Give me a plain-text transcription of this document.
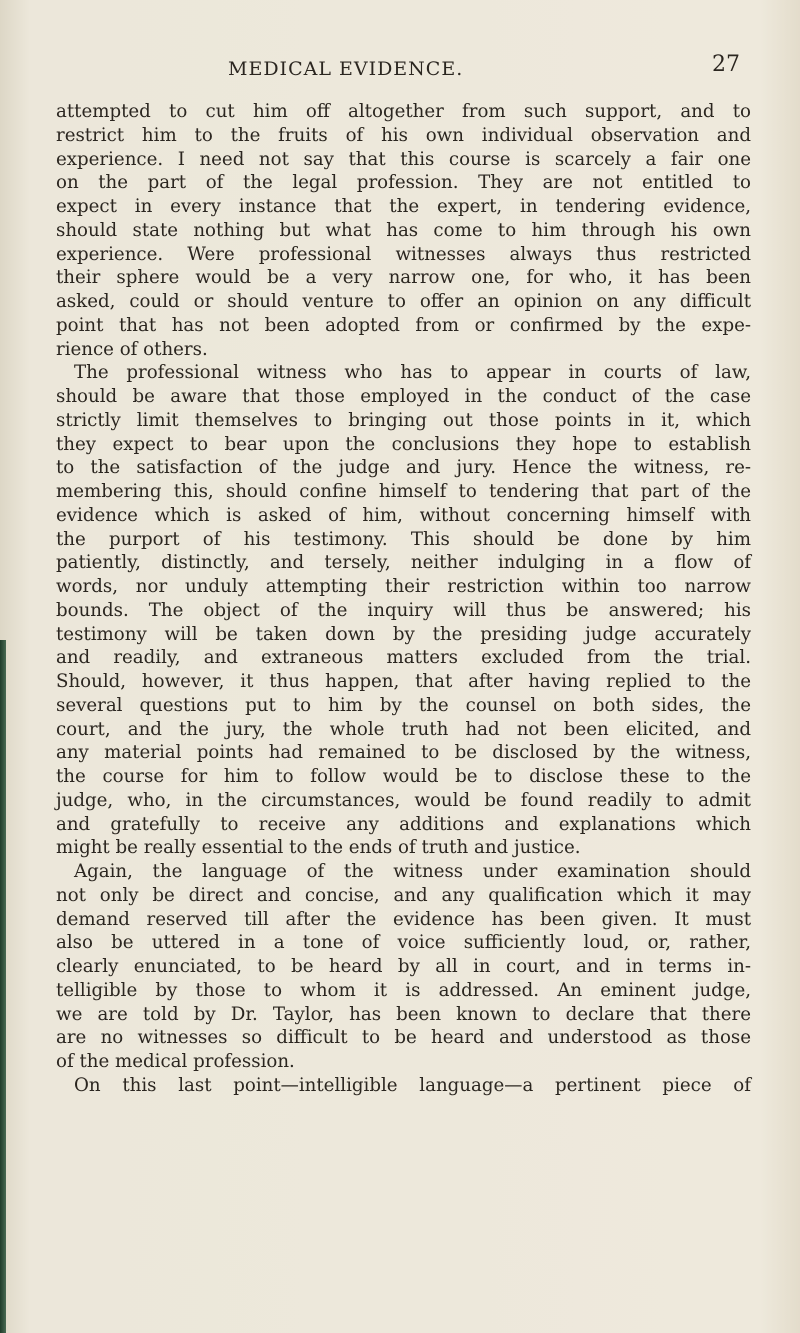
MEDICAL EVIDENCE.	27

attempted to cut him off altogether from such support, and to

restrict him to the fruits of his own individual observation and

experience. I need not say that this course is scarcely a fair one

on the part of the legal profession. They are not entitled to

expect in every instance that the expert, in tendering evidence,

should state nothing but what has come to him through his own

experience. Were professional witnesses always thus restricted

their sphere would be a very narrow one, for who, it has been

asked, could or should venture to offer an opinion on any difficult

point that has not been adopted from or confirmed by the expe-

rience of others.

The professional witness who has to appear in courts of law,

should be aware that those employed in the conduct of the case

strictly limit themselves to bringing out those points in it, which

they expect to bear upon the conclusions they hope to establish

to the satisfaction of the judge and jury. Hence the witness, re-

membering this, should confine himself to tendering that part of the

evidence which is asked of him, without concerning himself with

the purport of his testimony. This should be done by him

patiently, distinctly, and tersely, neither indulging in a flow of

words, nor unduly attempting their restriction within too narrow

bounds. The object of the inquiry will thus be answered; his

testimony will be taken down by the presiding judge accurately

and readily, and extraneous matters excluded from the trial.

Should, however, it thus happen, that after having replied to the

several questions put to him by the counsel on both sides, the

court, and the jury, the whole truth had not been elicited, and

any material points had remained to be disclosed by the witness,

the course for him to follow would be to disclose these to the

judge, who, in the circumstances, would be found readily to admit

and gratefully to receive any additions and explanations which

might be really essential to the ends of truth and justice.

Again, the language of the witness under examination should

not only be direct and concise, and any qualification which it may

demand reserved till after the evidence has been given. It must

also be uttered in a tone of voice sufficiently loud, or, rather,

clearly enunciated, to be heard by all in court, and in terms in-

telligible by those to whom it is addressed. An eminent judge,

we are told by Dr. Taylor, has been known to declare that there

are no witnesses so difficult to be heard and understood as those

of the medical profession.

On this last point—intelligible language—a pertinent piece of
